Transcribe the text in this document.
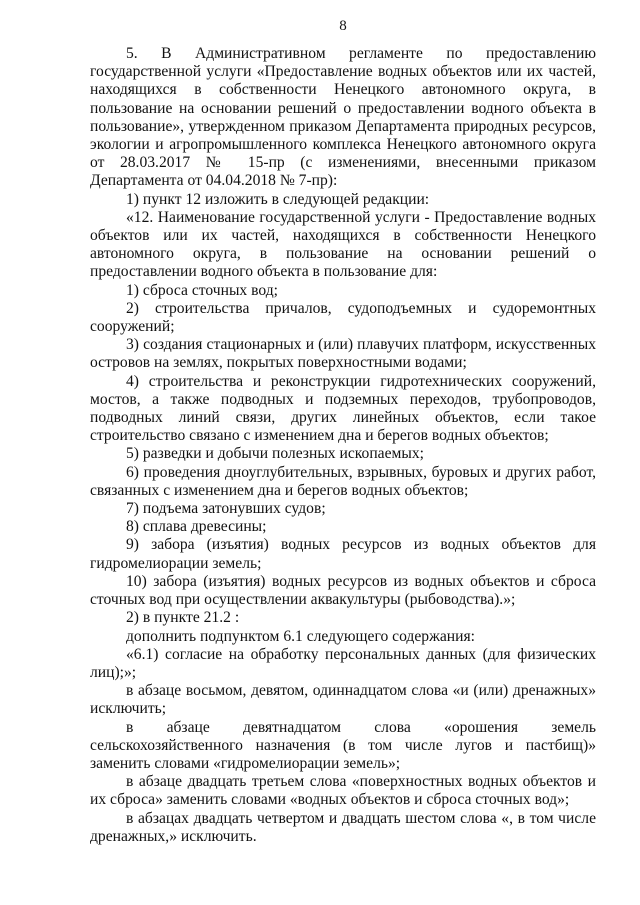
8

5. В Административном регламенте по предоставлению государственной услуги «Предоставление водных объектов или их частей, находящихся в собственности Ненецкого автономного округа, в пользование на основании решений о предоставлении водного объекта в пользование», утвержденном приказом Департамента природных ресурсов, экологии и агропромышленного комплекса Ненецкого автономного округа от 28.03.2017 № 15-пр (с изменениями, внесенными приказом Департамента от 04.04.2018 № 7-пр):

1) пункт 12 изложить в следующей редакции:

«12. Наименование государственной услуги - Предоставление водных объектов или их частей, находящихся в собственности Ненецкого автономного округа, в пользование на основании решений о предоставлении водного объекта в пользование для:

1) сброса сточных вод;

2) строительства причалов, судоподъемных и судоремонтных сооружений;

3) создания стационарных и (или) плавучих платформ, искусственных островов на землях, покрытых поверхностными водами;

4) строительства и реконструкции гидротехнических сооружений, мостов, а также подводных и подземных переходов, трубопроводов, подводных линий связи, других линейных объектов, если такое строительство связано с изменением дна и берегов водных объектов;

5) разведки и добычи полезных ископаемых;

6) проведения дноуглубительных, взрывных, буровых и других работ, связанных с изменением дна и берегов водных объектов;

7) подъема затонувших судов;

8) сплава древесины;

9) забора (изъятия) водных ресурсов из водных объектов для гидромелиорации земель;

10) забора (изъятия) водных ресурсов из водных объектов и сброса сточных вод при осуществлении аквакультуры (рыбоводства).»;

2) в пункте 21.2 :

дополнить подпунктом 6.1 следующего содержания:

«6.1) согласие на обработку персональных данных (для физических лиц);»;

в абзаце восьмом, девятом, одиннадцатом слова «и (или) дренажных» исключить;

в абзаце девятнадцатом слова «орошения земель сельскохозяйственного назначения (в том числе лугов и пастбищ)» заменить словами «гидромелиорации земель»;

в абзаце двадцать третьем слова «поверхностных водных объектов и их сброса» заменить словами «водных объектов и сброса сточных вод»;

в абзацах двадцать четвертом и двадцать шестом слова «, в том числе дренажных,» исключить.
